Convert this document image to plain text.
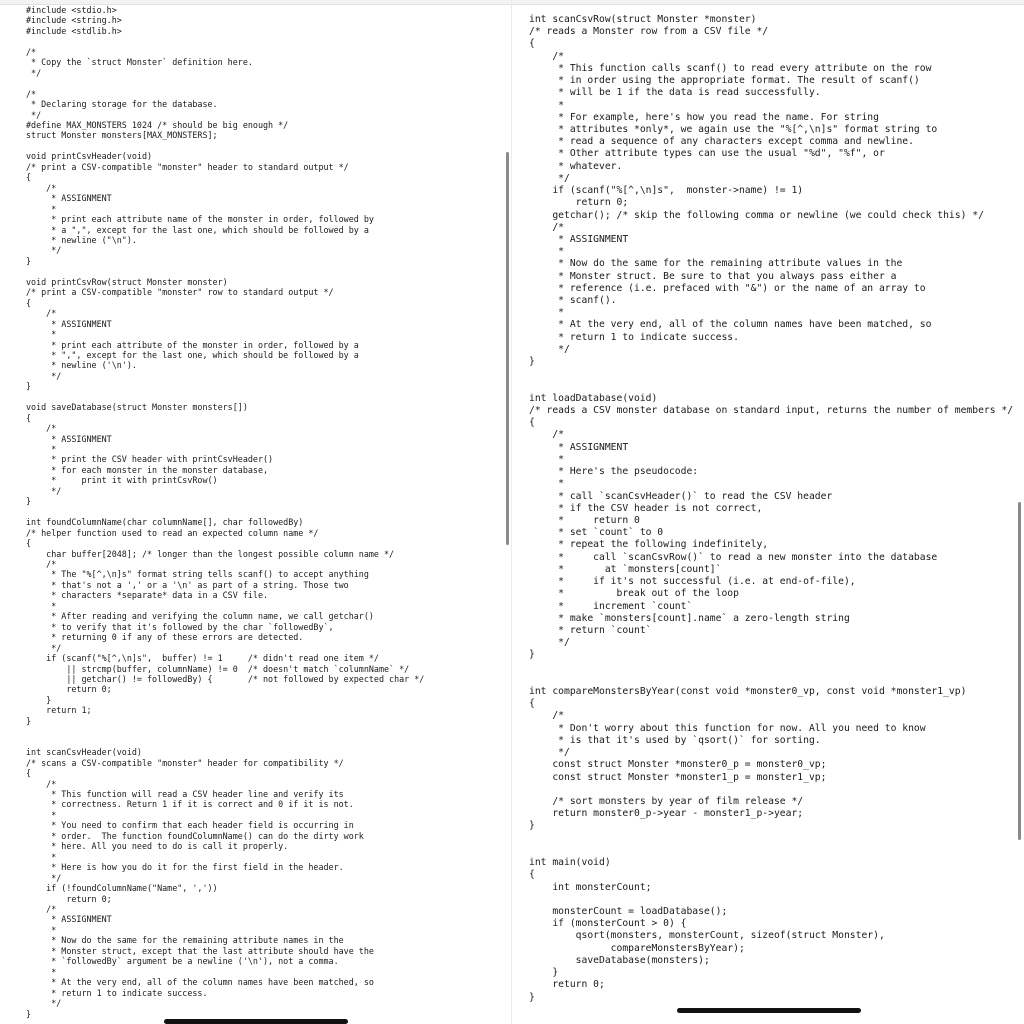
#include <stdio.h>
#include <string.h>
#include <stdlib.h>

/*
* Copy the `struct Monster` definition here.
*/

/*
* Declaring storage for the database.
*/
#define MAX_MONSTERS 1024 /* should be big enough */
struct Monster monsters[MAX_MONSTERS];

void printCsvHeader(void)
/* print a CSV-compatible "monster" header to standard output */
{
/*
* ASSIGNMENT
*
* print each attribute name of the monster in order, followed by
* a ",", except for the last one, which should be followed by a
* newline ("\n").
*/
}

void printCsvRow(struct Monster monster)
/* print a CSV-compatible "monster" row to standard output */
{
/*
* ASSIGNMENT
*
* print each attribute of the monster in order, followed by a
* ",", except for the last one, which should be followed by a
* newline ('\n').
*/
}

void saveDatabase(struct Monster monsters[])
{
/*
* ASSIGNMENT
*
* print the CSV header with printCsvHeader()
* for each monster in the monster database,
*     print it with printCsvRow()
*/
}

int foundColumnName(char columnName[], char followedBy)
/* helper function used to read an expected column name */
{
char buffer[2048]; /* longer than the longest possible column name */
/*
* The "%[^,\n]s" format string tells scanf() to accept anything
* that's not a ',' or a '\n' as part of a string. Those two
* characters *separate* data in a CSV file.
*
* After reading and verifying the column name, we call getchar()
* to verify that it's followed by the char `followedBy`,
* returning 0 if any of these errors are detected.
*/
if (scanf("%[^,\n]s",  buffer) != 1     /* didn't read one item */
|| strcmp(buffer, columnName) != 0  /* doesn't match `columnName` */
|| getchar() != followedBy) {       /* not followed by expected char */
return 0;
}
return 1;
}

int scanCsvHeader(void)
/* scans a CSV-compatible "monster" header for compatibility */
{
/*
* This function will read a CSV header line and verify its
* correctness. Return 1 if it is correct and 0 if it is not.
*
* You need to confirm that each header field is occurring in
* order.  The function foundColumnName() can do the dirty work
* here. All you need to do is call it properly.
*
* Here is how you do it for the first field in the header.
*/
if (!foundColumnName("Name", ','))
return 0;
/*
* ASSIGNMENT
*
* Now do the same for the remaining attribute names in the
* Monster struct, except that the last attribute should have the
* `followedBy` argument be a newline ('\n'), not a comma.
*
* At the very end, all of the column names have been matched, so
* return 1 to indicate success.
*/
}
int scanCsvRow(struct Monster *monster)
/* reads a Monster row from a CSV file */
{
/*
* This function calls scanf() to read every attribute on the row
* in order using the appropriate format. The result of scanf()
* will be 1 if the data is read successfully.
*
* For example, here's how you read the name. For string
* attributes *only*, we again use the "%[^,\n]s" format string to
* read a sequence of any characters except comma and newline.
* Other attribute types can use the usual "%d", "%f", or
* whatever.
*/
if (scanf("%[^,\n]s",  monster->name) != 1)
return 0;
getchar(); /* skip the following comma or newline (we could check this) */
/*
* ASSIGNMENT
*
* Now do the same for the remaining attribute values in the
* Monster struct. Be sure to that you always pass either a
* reference (i.e. prefaced with "&") or the name of an array to
* scanf().
*
* At the very end, all of the column names have been matched, so
* return 1 to indicate success.
*/
}

int loadDatabase(void)
/* reads a CSV monster database on standard input, returns the number of members */
{
/*
* ASSIGNMENT
*
* Here's the pseudocode:
*
* call `scanCsvHeader()` to read the CSV header
* if the CSV header is not correct,
*     return 0
* set `count` to 0
* repeat the following indefinitely,
*     call `scanCsvRow()` to read a new monster into the database
*       at `monsters[count]`
*     if it's not successful (i.e. at end-of-file),
*         break out of the loop
*     increment `count`
* make `monsters[count].name` a zero-length string
* return `count`
*/
}

int compareMonstersByYear(const void *monster0_vp, const void *monster1_vp)
{
/*
* Don't worry about this function for now. All you need to know
* is that it's used by `qsort()` for sorting.
*/
const struct Monster *monster0_p = monster0_vp;
const struct Monster *monster1_p = monster1_vp;

/* sort monsters by year of film release */
return monster0_p->year - monster1_p->year;
}

int main(void)
{
int monsterCount;

monsterCount = loadDatabase();
if (monsterCount > 0) {
qsort(monsters, monsterCount, sizeof(struct Monster),
compareMonstersByYear);
saveDatabase(monsters);
}
return 0;
}
